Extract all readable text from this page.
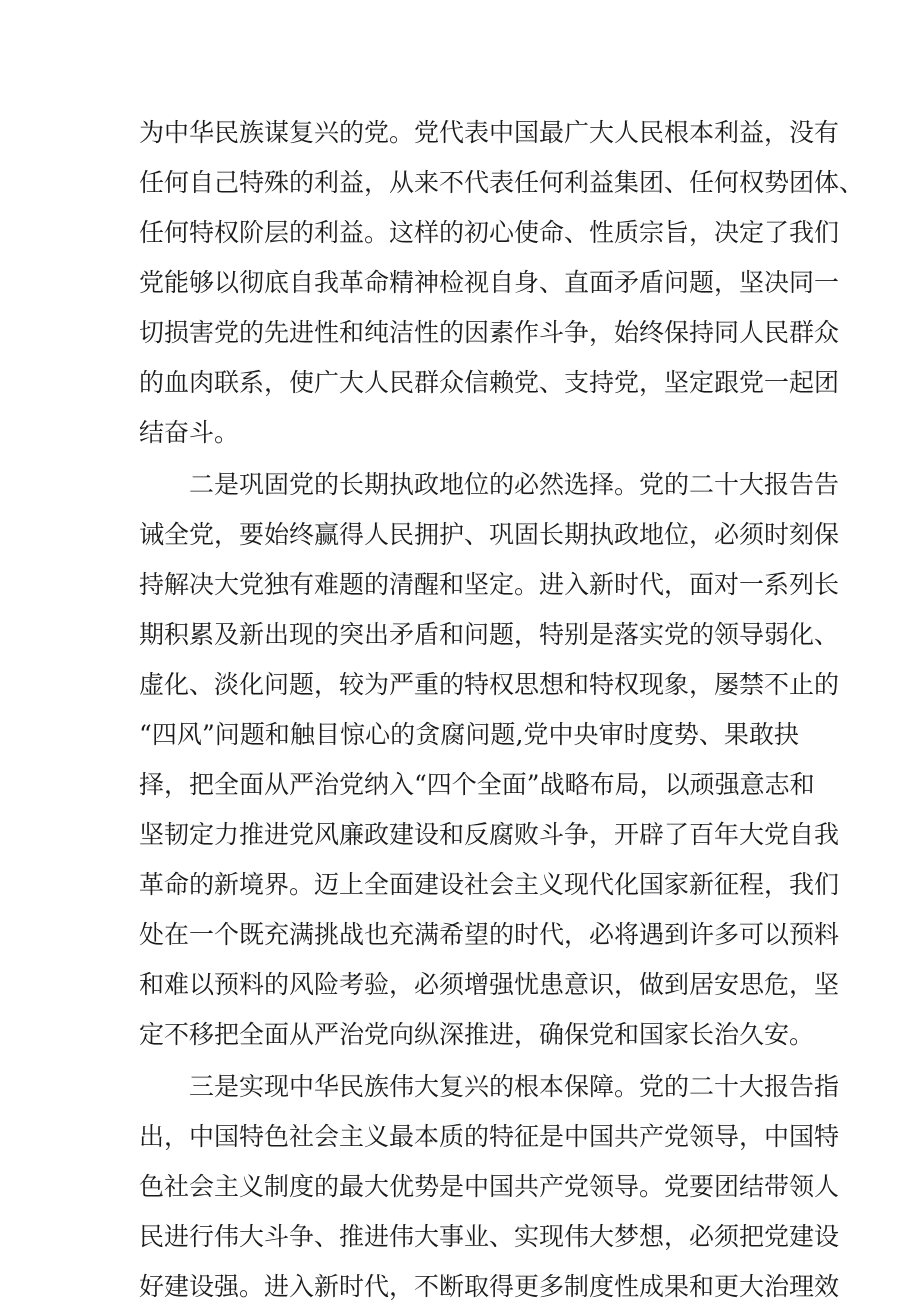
为中华民族谋复兴的党。党代表中国最广大人民根本利益，没有
任何自己特殊的利益，从来不代表任何利益集团、任何权势团体、
任何特权阶层的利益。这样的初心使命、性质宗旨，决定了我们
党能够以彻底自我革命精神检视自身、直面矛盾问题，坚决同一
切损害党的先进性和纯洁性的因素作斗争，始终保持同人民群众
的血肉联系，使广大人民群众信赖党、支持党，坚定跟党一起团
结奋斗。
二是巩固党的长期执政地位的必然选择。党的二十大报告告
诫全党，要始终赢得人民拥护、巩固长期执政地位，必须时刻保
持解决大党独有难题的清醒和坚定。进入新时代，面对一系列长
期积累及新出现的突出矛盾和问题，特别是落实党的领导弱化、
虚化、淡化问题，较为严重的特权思想和特权现象，屡禁不止的
“四风”问题和触目惊心的贪腐问题,党中央审时度势、果敢抉
择，把全面从严治党纳入“四个全面”战略布局，以顽强意志和
坚韧定力推进党风廉政建设和反腐败斗争，开辟了百年大党自我
革命的新境界。迈上全面建设社会主义现代化国家新征程，我们
处在一个既充满挑战也充满希望的时代，必将遇到许多可以预料
和难以预料的风险考验，必须增强忧患意识，做到居安思危，坚
定不移把全面从严治党向纵深推进，确保党和国家长治久安。
三是实现中华民族伟大复兴的根本保障。党的二十大报告指
出，中国特色社会主义最本质的特征是中国共产党领导，中国特
色社会主义制度的最大优势是中国共产党领导。党要团结带领人
民进行伟大斗争、推进伟大事业、实现伟大梦想，必须把党建设
好建设强。进入新时代，不断取得更多制度性成果和更大治理效
